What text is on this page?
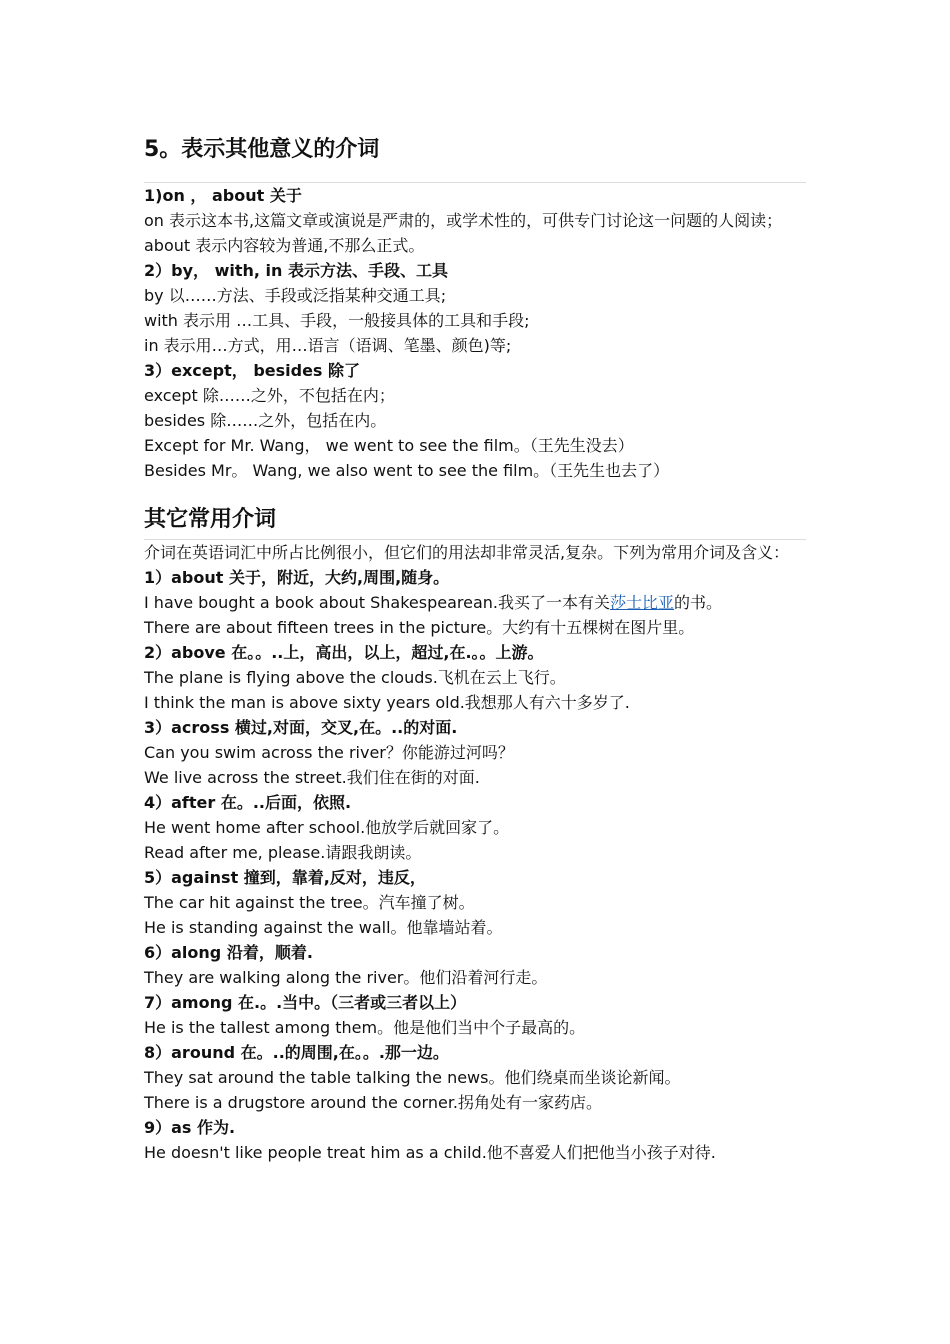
5。表示其他意义的介词
1)on ， about 关于
on 表示这本书,这篇文章或演说是严肃的，或学术性的，可供专门讨论这一问题的人阅读；
about 表示内容较为普通,不那么正式。
2）by， with, in 表示方法、手段、工具
by 以……方法、手段或泛指某种交通工具;
with 表示用 …工具、手段，一般接具体的工具和手段;
in 表示用…方式，用…语言（语调、笔墨、颜色)等;
3）except， besides 除了
except 除……之外，不包括在内；
besides 除……之外，包括在内。
Except for Mr. Wang， we went to see the film。（王先生没去）
Besides Mr。 Wang, we also went to see the film。（王先生也去了）
其它常用介词
介词在英语词汇中所占比例很小，但它们的用法却非常灵活,复杂。下列为常用介词及含义：
1）about 关于，附近，大约,周围,随身。
I have bought a book about Shakespearean.我买了一本有关莎士比亚的书。
There are about fifteen trees in the picture。大约有十五棵树在图片里。
2）above 在。。..上，高出，以上，超过,在.。。上游。
The plane is flying above the clouds.飞机在云上飞行。
I think the man is above sixty years old.我想那人有六十多岁了.
3）across 横过,对面，交叉,在。..的对面.
Can you swim across the river？你能游过河吗？
We live across the street.我们住在街的对面.
4）after 在。..后面，依照.
He went home after school.他放学后就回家了。
Read after me, please.请跟我朗读。
5）against 撞到，靠着,反对，违反，
The car hit against the tree。汽车撞了树。
He is standing against the wall。他靠墙站着。
6）along 沿着，顺着.
They are walking along the river。他们沿着河行走。
7）among 在.。.当中。（三者或三者以上）
He is the tallest among them。他是他们当中个子最高的。
8）around 在。..的周围,在。。.那一边。
They sat around the table talking the news。他们绕桌而坐谈论新闻。
There is a drugstore around the corner.拐角处有一家药店。
9）as 作为.
He doesn't like people treat him as a child.他不喜爱人们把他当小孩子对待.
